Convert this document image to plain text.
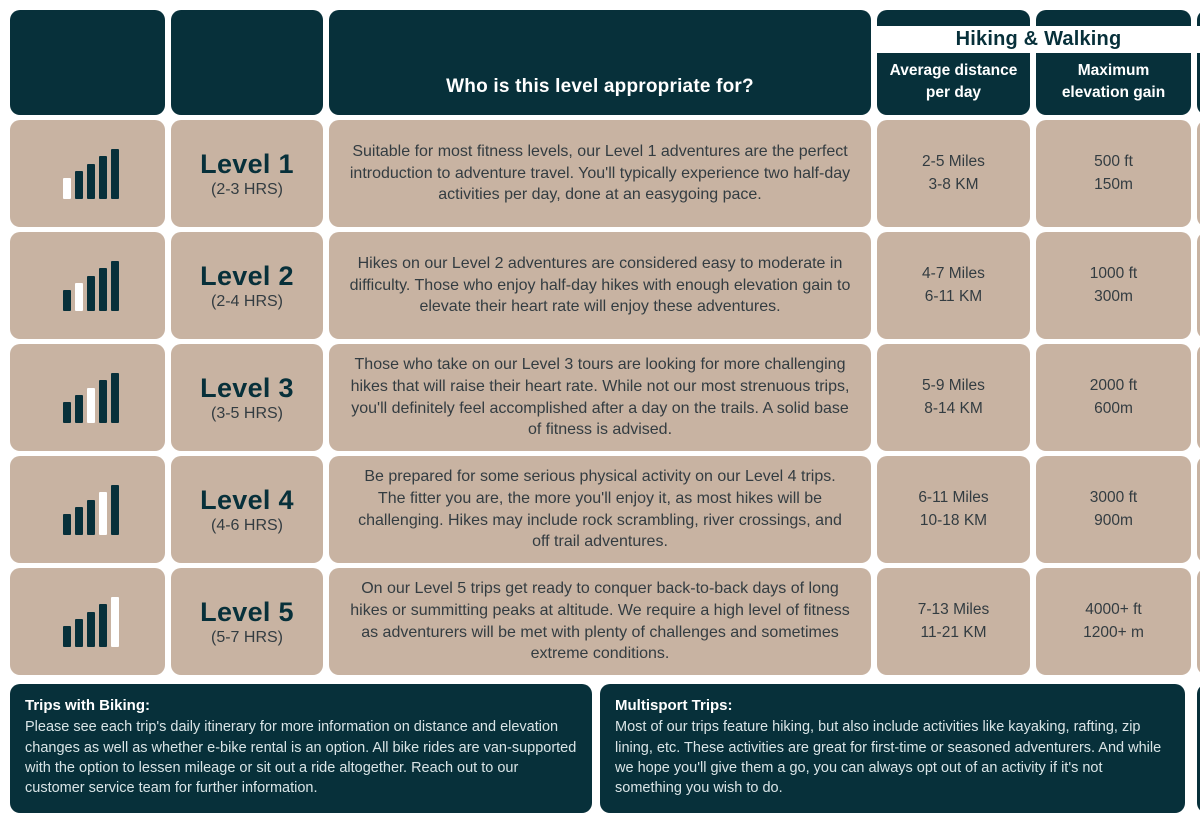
Who is this level appropriate for?
Average distance
per day
Maximum
elevation gain
Level 1
(2-3 HRS)

Suitable for most fitness levels, our Level 1 adventures are the perfect introduction to adventure travel. You'll typically experience two half-day activities per day, done at an easygoing pace.

2-5 Miles
3-8 KM
500 ft
150m
Level 2
(2-4 HRS)

Hikes on our Level 2 adventures are considered easy to moderate in difficulty. Those who enjoy half-day hikes with enough elevation gain to elevate their heart rate will enjoy these adventures.

4-7 Miles
6-11 KM
1000 ft
300m
Level 3
(3-5 HRS)

Those who take on our Level 3 tours are looking for more challenging hikes that will raise their heart rate. While not our most strenuous trips, you'll definitely feel accomplished after a day on the trails. A solid base of fitness is advised.

5-9 Miles
8-14 KM
2000 ft
600m
Level 4
(4-6 HRS)

Be prepared for some serious physical activity on our Level 4 trips. The fitter you are, the more you'll enjoy it, as most hikes will be challenging. Hikes may include rock scrambling, river crossings, and off trail adventures.

6-11 Miles
10-18 KM
3000 ft
900m
Level 5
(5-7 HRS)

On our Level 5 trips get ready to conquer back-to-back days of long hikes or summitting peaks at altitude. We require a high level of fitness as adventurers will be met with plenty of challenges and sometimes extreme conditions.

7-13 Miles
11-21 KM
4000+ ft
1200+ m
Hiking & Walking
Trips with Biking:
Please see each trip's daily itinerary for more information on distance and elevation changes as well as whether e-bike rental is an option. All bike rides are van-supported with the option to lessen mileage or sit out a ride altogether. Reach out to our customer service team for further information.
Multisport Trips:
Most of our trips feature hiking, but also include activities like kayaking, rafting, zip lining, etc. These activities are great for first-time or seasoned adventurers. And while we hope you'll give them a go, you can always opt out of an activity if it's not something you wish to do.
